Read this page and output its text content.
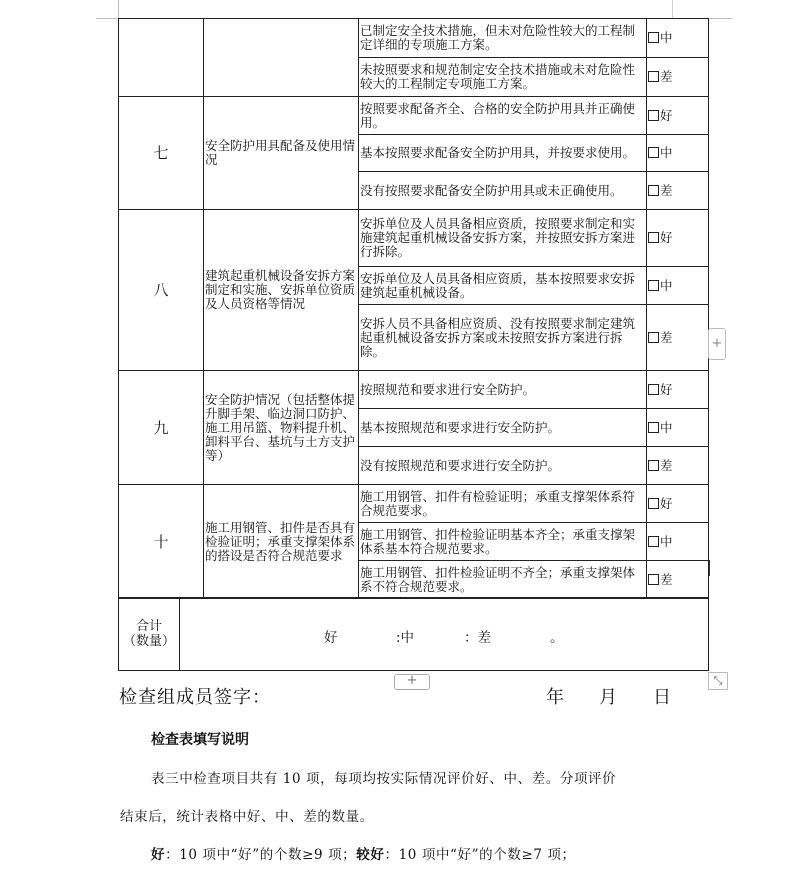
		已制定安全技术措施，但未对危险性较大的工程制定详细的专项施工方案。	中
		未按照要求和规范制定安全技术措施或未对危险性较大的工程制定专项施工方案。	差
七	安全防护用具配备及使用情况	按照要求配备齐全、合格的安全防护用具并正确使用。	好
		基本按照要求配备安全防护用具，并按要求使用。	中
		没有按照要求配备安全防护用具或未正确使用。	差
八	建筑起重机械设备安拆方案制定和实施、安拆单位资质及人员资格等情况	安拆单位及人员具备相应资质，按照要求制定和实施建筑起重机械设备安拆方案，并按照安拆方案进行拆除。	好
		安拆单位及人员具备相应资质，基本按照要求安拆建筑起重机械设备。	中
		安拆人员不具备相应资质、没有按照要求制定建筑起重机械设备安拆方案或未按照安拆方案进行拆除。	差
九	安全防护情况（包括整体提升脚手架、临边洞口防护、施工用吊篮、物料提升机、卸料平台、基坑与土方支护等）	按照规范和要求进行安全防护。	好
		基本按照规范和要求进行安全防护。	中
		没有按照规范和要求进行安全防护。	差
十	施工用钢管、扣件是否具有检验证明；承重支撑架体系的搭设是否符合规范要求	施工用钢管、扣件有检验证明；承重支撑架体系符合规范要求。	好
		施工用钢管、扣件检验证明基本齐全；承重支撑架体系基本符合规范要求。	中
		施工用钢管、扣件检验证明不齐全；承重支撑架体系不符合规范要求。	差
合计
（数量）	好	:中	：差	。
+
+	⤡
检查组成员签字：	年 月 日
检查表填写说明
表三中检查项目共有 10 项，每项均按实际情况评价好、中、差。分项评价
结束后，统计表格中好、中、差的数量。
好：10 项中“好”的个数≥9 项；较好：10 项中“好”的个数≥7 项；
